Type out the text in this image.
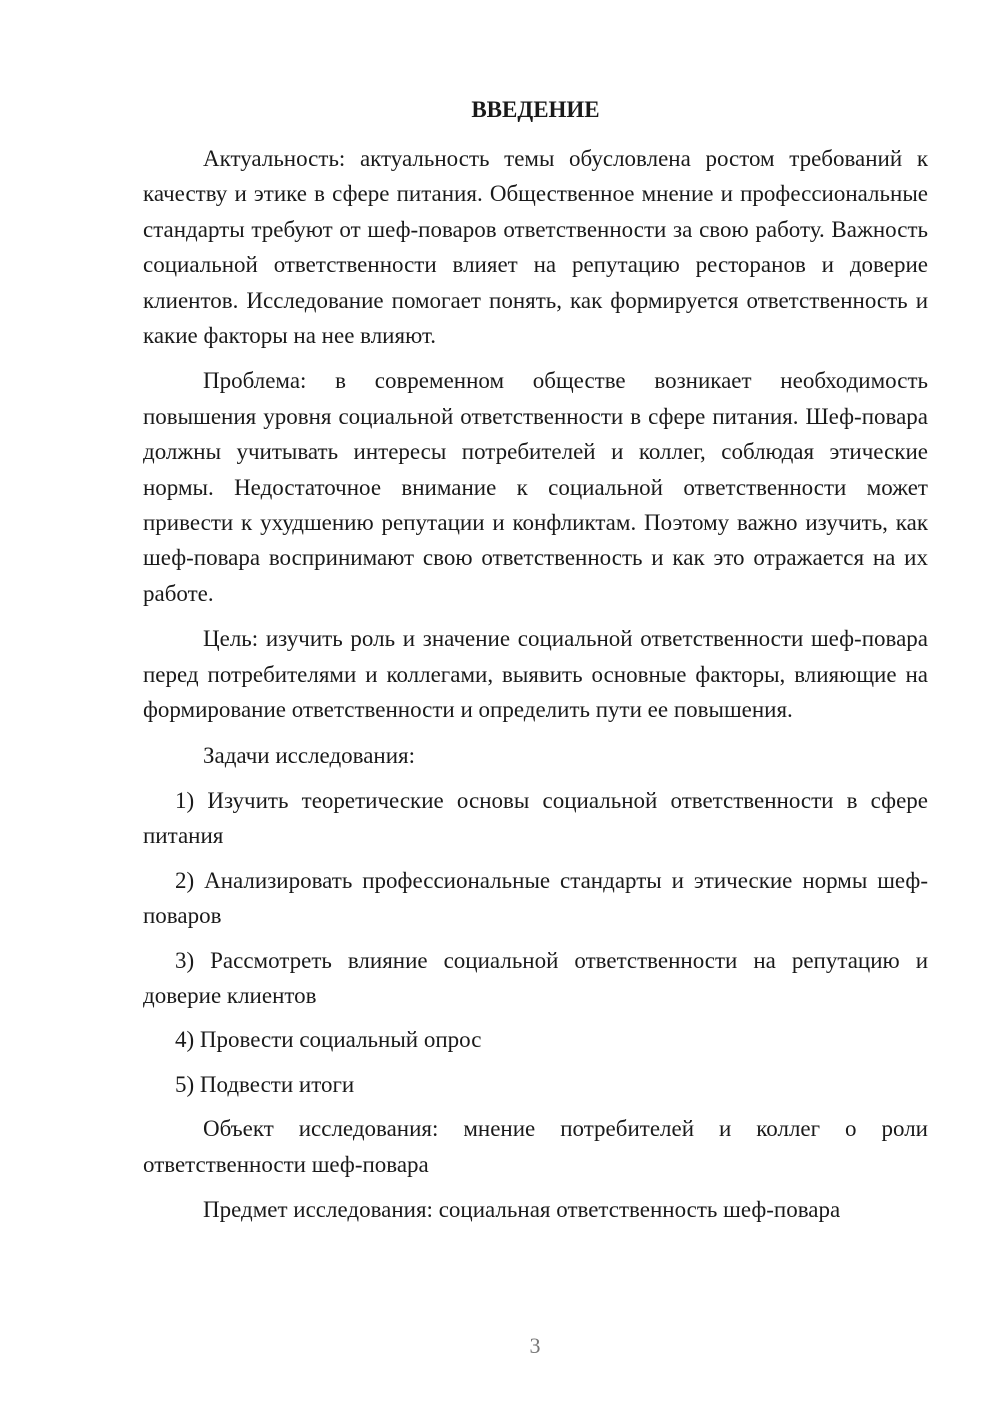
ВВЕДЕНИЕ

Актуальность: актуальность темы обусловлена ростом требований к качеству и этике в сфере питания. Общественное мнение и профессиональные стандарты требуют от шеф-поваров ответственности за свою работу. Важность социальной ответственности влияет на репутацию ресторанов и доверие клиентов. Исследование помогает понять, как формируется ответственность и какие факторы на нее влияют.

Проблема: в современном обществе возникает необходимость повышения уровня социальной ответственности в сфере питания. Шеф-повара должны учитывать интересы потребителей и коллег, соблюдая этические нормы. Недостаточное внимание к социальной ответственности может привести к ухудшению репутации и конфликтам. Поэтому важно изучить, как шеф-повара воспринимают свою ответственность и как это отражается на их работе.

Цель: изучить роль и значение социальной ответственности шеф-повара перед потребителями и коллегами, выявить основные факторы, влияющие на формирование ответственности и определить пути ее повышения.

Задачи исследования:

1) Изучить теоретические основы социальной ответственности в сфере питания

2) Анализировать профессиональные стандарты и этические нормы шеф-поваров

3) Рассмотреть влияние социальной ответственности на репутацию и доверие клиентов

4) Провести социальный опрос

5) Подвести итоги

Объект исследования: мнение потребителей и коллег о роли ответственности шеф-повара

Предмет исследования: социальная ответственность шеф-повара

3
